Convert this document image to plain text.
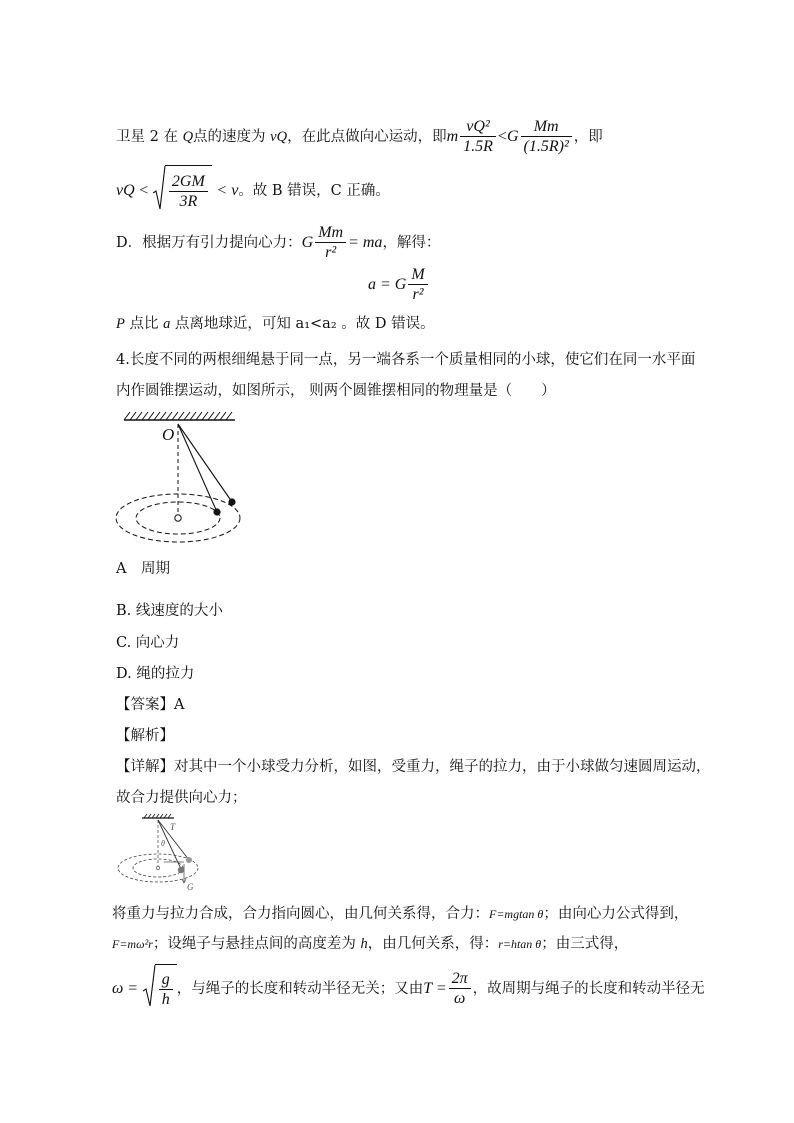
卫星 2 在 Q点的速度为 vQ，在此点做向心运动，即m $\frac{\text{vQ²}}{1.5R} <G \frac{Mm}{\text{(1.5R)²}}$ ，即
vQ < $\frac{2GM}{3R} < v$。故 B 错误，C 正确。
D．根据万有引力提向心力：G $\frac{Mm}{\text{r²}}$ = ma，解得：
a = G $\frac{M}{\text{r²}}$
P 点比 a 点离地球近，可知 a₁<a₂ 。故 D 错误。
4.长度不同的两根细绳悬于同一点，另一端各系一个质量相同的小球，使它们在同一水平面
内作圆锥摆运动，如图所示， 则两个圆锥摆相同的物理量是（　　）
O
A　周期
B. 线速度的大小
C. 向心力
D. 绳的拉力
【答案】A
【解析】
【详解】对其中一个小球受力分析，如图，受重力，绳子的拉力，由于小球做匀速圆周运动，
故合力提供向心力；
T
θ
G
将重力与拉力合成，合力指向圆心，由几何关系得，合力：F=mgtan θ；由向心力公式得到，
F=mω²r；设绳子与悬挂点间的高度差为 h，由几何关系，得：r=htan θ；由三式得，
$\omega = \frac{g}{h}$ ，与绳子的长度和转动半径无关；又由$T = \frac{2\pi}{\omega}$ ，故周期与绳子的长度和转动半径无
